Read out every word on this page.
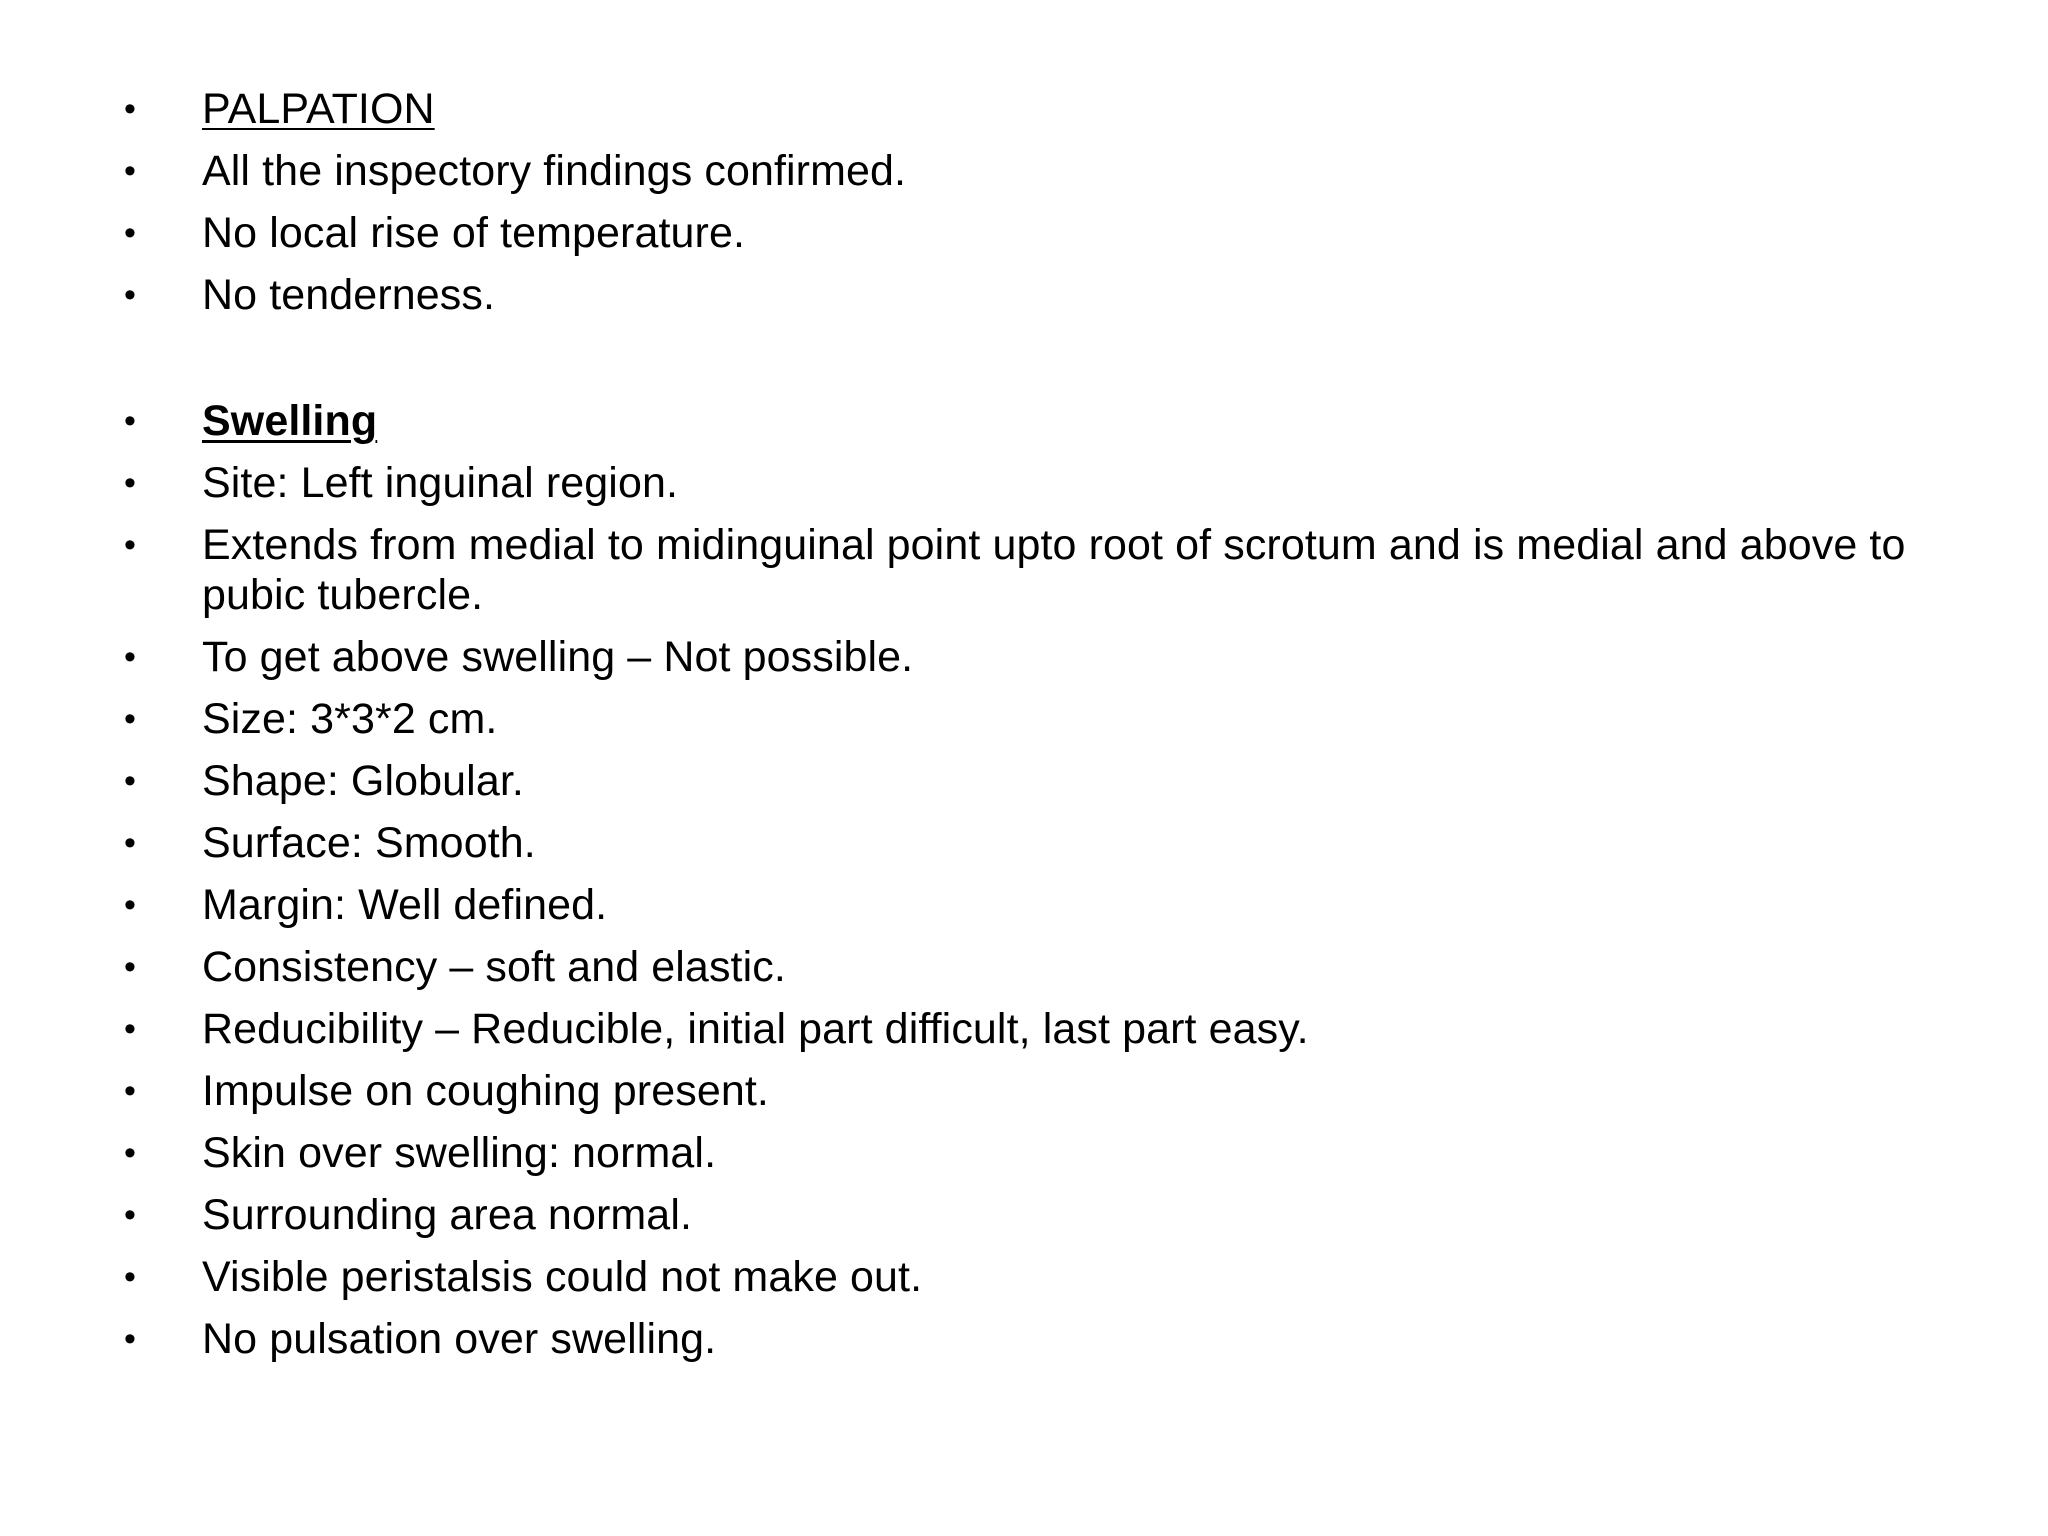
•	PALPATION
•	All the inspectory findings confirmed.
•	No local rise of temperature.
•	No tenderness.
•	Swelling
•	Site: Left inguinal region.
•	Extends from medial to midinguinal point upto root of scrotum and is medial and above to pubic tubercle.
•	To get above swelling – Not possible.
•	Size: 3*3*2 cm.
•	Shape: Globular.
•	Surface: Smooth.
•	Margin: Well defined.
•	Consistency – soft and elastic.
•	Reducibility – Reducible, initial part difficult, last part easy.
•	Impulse on coughing present.
•	Skin over swelling: normal.
•	Surrounding area normal.
•	Visible peristalsis could not make out.
•	No pulsation over swelling.
